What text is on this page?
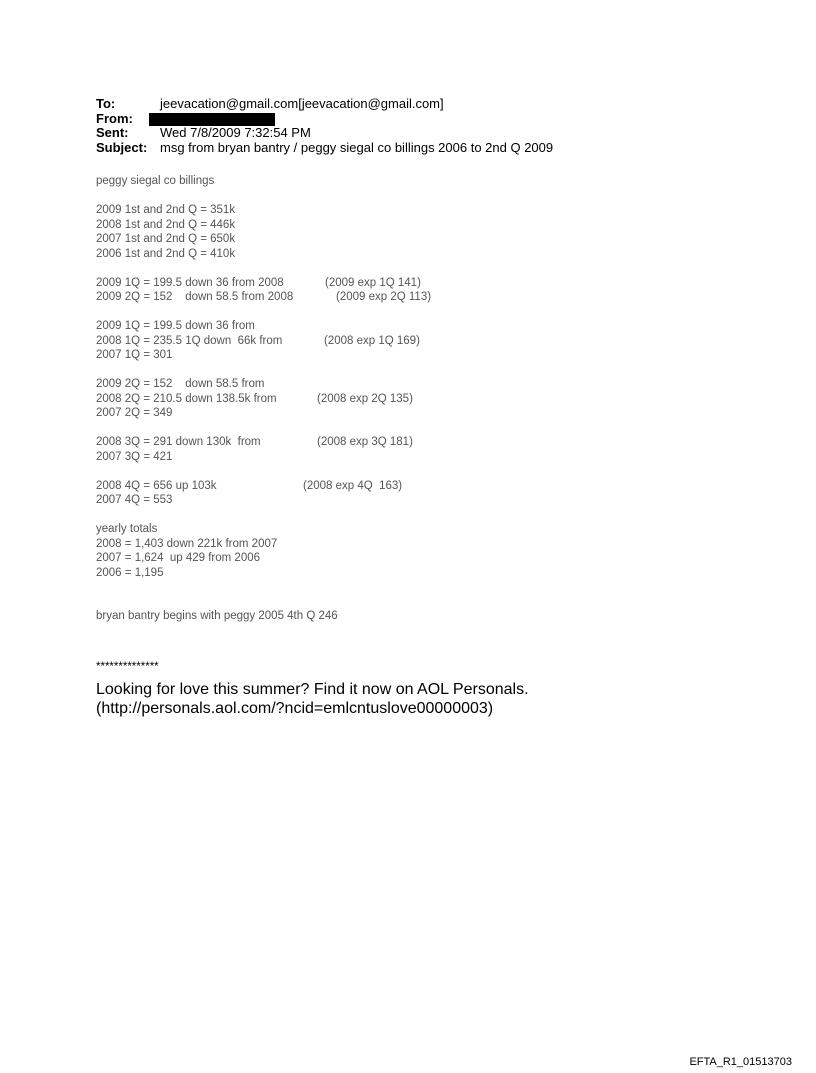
To:	jeevacation@gmail.com[jeevacation@gmail.com]
From:
Sent: Wed 7/8/2009 7:32:54 PM
Subject: msg from bryan bantry / peggy siegal co billings 2006 to 2nd Q 2009
peggy siegal co billings
2009 1st and 2nd Q = 351k
2008 1st and 2nd Q = 446k
2007 1st and 2nd Q = 650k
2006 1st and 2nd Q = 410k
2009 1Q = 199.5 down 36 from 2008	(2009 exp 1Q 141)
2009 2Q = 152    down 58.5 from 2008	(2009 exp 2Q 113)
2009 1Q = 199.5 down 36 from
2008 1Q = 235.5 1Q down  66k from	(2008 exp 1Q 169)
2007 1Q = 301
2009 2Q = 152    down 58.5 from
2008 2Q = 210.5 down 138.5k from	(2008 exp 2Q 135)
2007 2Q = 349
2008 3Q = 291 down 130k  from	(2008 exp 3Q 181)
2007 3Q = 421
2008 4Q = 656 up 103k	(2008 exp 4Q  163)
2007 4Q = 553
yearly totals
2008 = 1,403 down 221k from 2007
2007 = 1,624  up 429 from 2006
2006 = 1,195
bryan bantry begins with peggy 2005 4th Q 246
**************
Looking for love this summer? Find it now on AOL Personals.
(http://personals.aol.com/?ncid=emlcntuslove00000003)
EFTA_R1_01513703
